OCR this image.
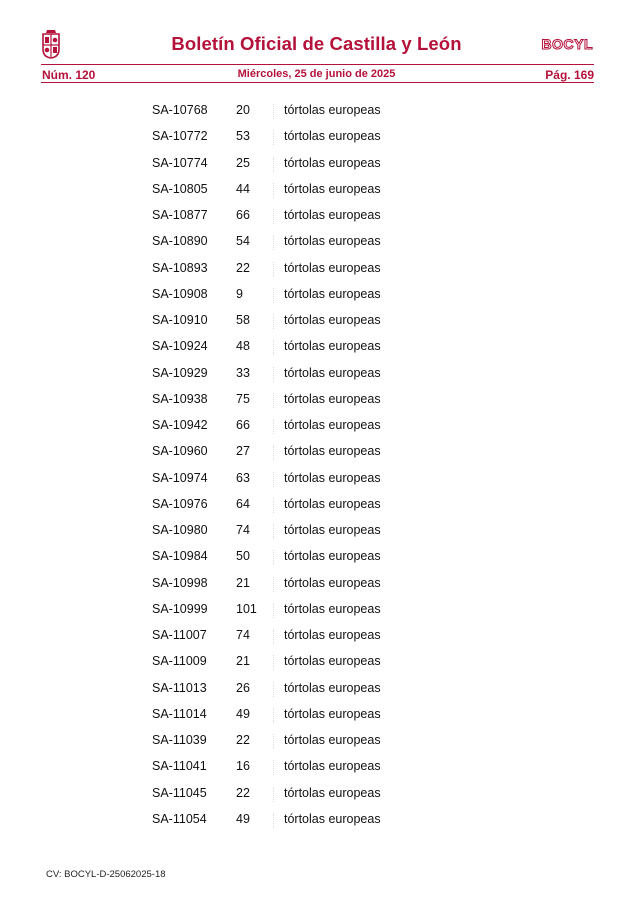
Boletín Oficial de Castilla y León	BOCYL
Núm. 120	Miércoles, 25 de junio de 2025	Pág. 169
SA-10768 20	tórtolas europeas
SA-10772 53	tórtolas europeas
SA-10774 25	tórtolas europeas
SA-10805 44	tórtolas europeas
SA-10877 66	tórtolas europeas
SA-10890 54	tórtolas europeas
SA-10893 22	tórtolas europeas
SA-10908 9	tórtolas europeas
SA-10910 58	tórtolas europeas
SA-10924 48	tórtolas europeas
SA-10929 33	tórtolas europeas
SA-10938 75	tórtolas europeas
SA-10942 66	tórtolas europeas
SA-10960 27	tórtolas europeas
SA-10974 63	tórtolas europeas
SA-10976 64	tórtolas europeas
SA-10980 74	tórtolas europeas
SA-10984 50	tórtolas europeas
SA-10998 21	tórtolas europeas
SA-10999 101 tórtolas europeas
SA-11007 74	tórtolas europeas
SA-11009 21	tórtolas europeas
SA-11013 26	tórtolas europeas
SA-11014 49	tórtolas europeas
SA-11039 22	tórtolas europeas
SA-11041 16	tórtolas europeas
SA-11045 22	tórtolas europeas
SA-11054 49	tórtolas europeas
CV: BOCYL-D-25062025-18
